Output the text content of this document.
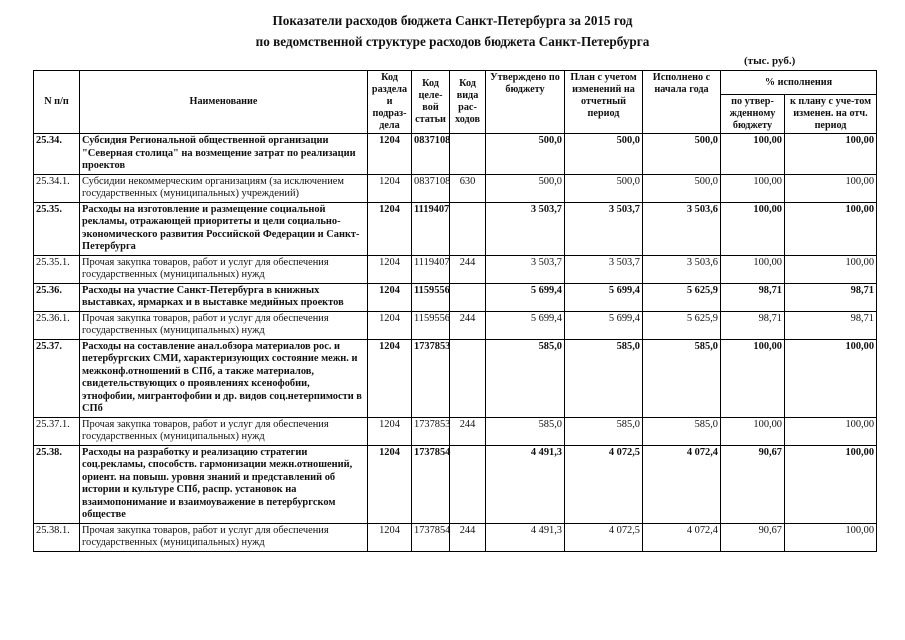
Показатели расходов бюджета Санкт-Петербурга за 2015 год
по ведомственной структуре расходов бюджета Санкт-Петербурга
(тыс. руб.)
N п/п	Наименование	Код раздела и подраз-дела	Код целе-вой статьи	Код вида рас-ходов	Утверждено по бюджету	План с учетом изменений на отчетный период	Исполнено с начала года	% исполнения	
								по утвер-жденному бюджету	к плану с уче-том изменен. на отч. период
25.34.	Субсидия Региональной общественной организации "Северная столица" на возмещение затрат по реализации проектов	1204	0837108		500,0	500,0	500,0	100,00	100,00
25.34.1.	Субсидии некоммерческим организациям (за исключением государственных (муниципальных) учреждений)	1204	0837108	630	500,0	500,0	500,0	100,00	100,00
25.35.	Расходы на изготовление и размещение социальной рекламы, отражающей приоритеты и цели социально-экономического развития Российской Федерации и Санкт-Петербурга	1204	1119407		3 503,7	3 503,7	3 503,6	100,00	100,00
25.35.1.	Прочая закупка товаров, работ и услуг для обеспечения государственных (муниципальных) нужд	1204	1119407	244	3 503,7	3 503,7	3 503,6	100,00	100,00
25.36.	Расходы на участие Санкт-Петербурга в книжных выставках, ярмарках и в выставке медийных проектов	1204	1159556		5 699,4	5 699,4	5 625,9	98,71	98,71
25.36.1.	Прочая закупка товаров, работ и услуг для обеспечения государственных (муниципальных) нужд	1204	1159556	244	5 699,4	5 699,4	5 625,9	98,71	98,71
25.37.	Расходы на составление анал.обзора материалов рос. и петербургских СМИ, характеризующих состояние межн. и межконф.отношений в СПб, а также материалов, свидетельствующих о проявлениях ксенофобии, этнофобии, мигрантофобии и др. видов соц.нетерпимости в СПб	1204	1737853		585,0	585,0	585,0	100,00	100,00
25.37.1.	Прочая закупка товаров, работ и услуг для обеспечения государственных (муниципальных) нужд	1204	1737853	244	585,0	585,0	585,0	100,00	100,00
25.38.	Расходы на разработку и реализацию стратегии соц.рекламы, способств. гармонизации межн.отношений, ориент. на повыш. уровня знаний и представлений об истории и культуре СПб, распр. установок на взаимопонимание и взаимоуважение в петербургском обществе	1204	1737854		4 491,3	4 072,5	4 072,4	90,67	100,00
25.38.1.	Прочая закупка товаров, работ и услуг для обеспечения государственных (муниципальных) нужд	1204	1737854	244	4 491,3	4 072,5	4 072,4	90,67	100,00
